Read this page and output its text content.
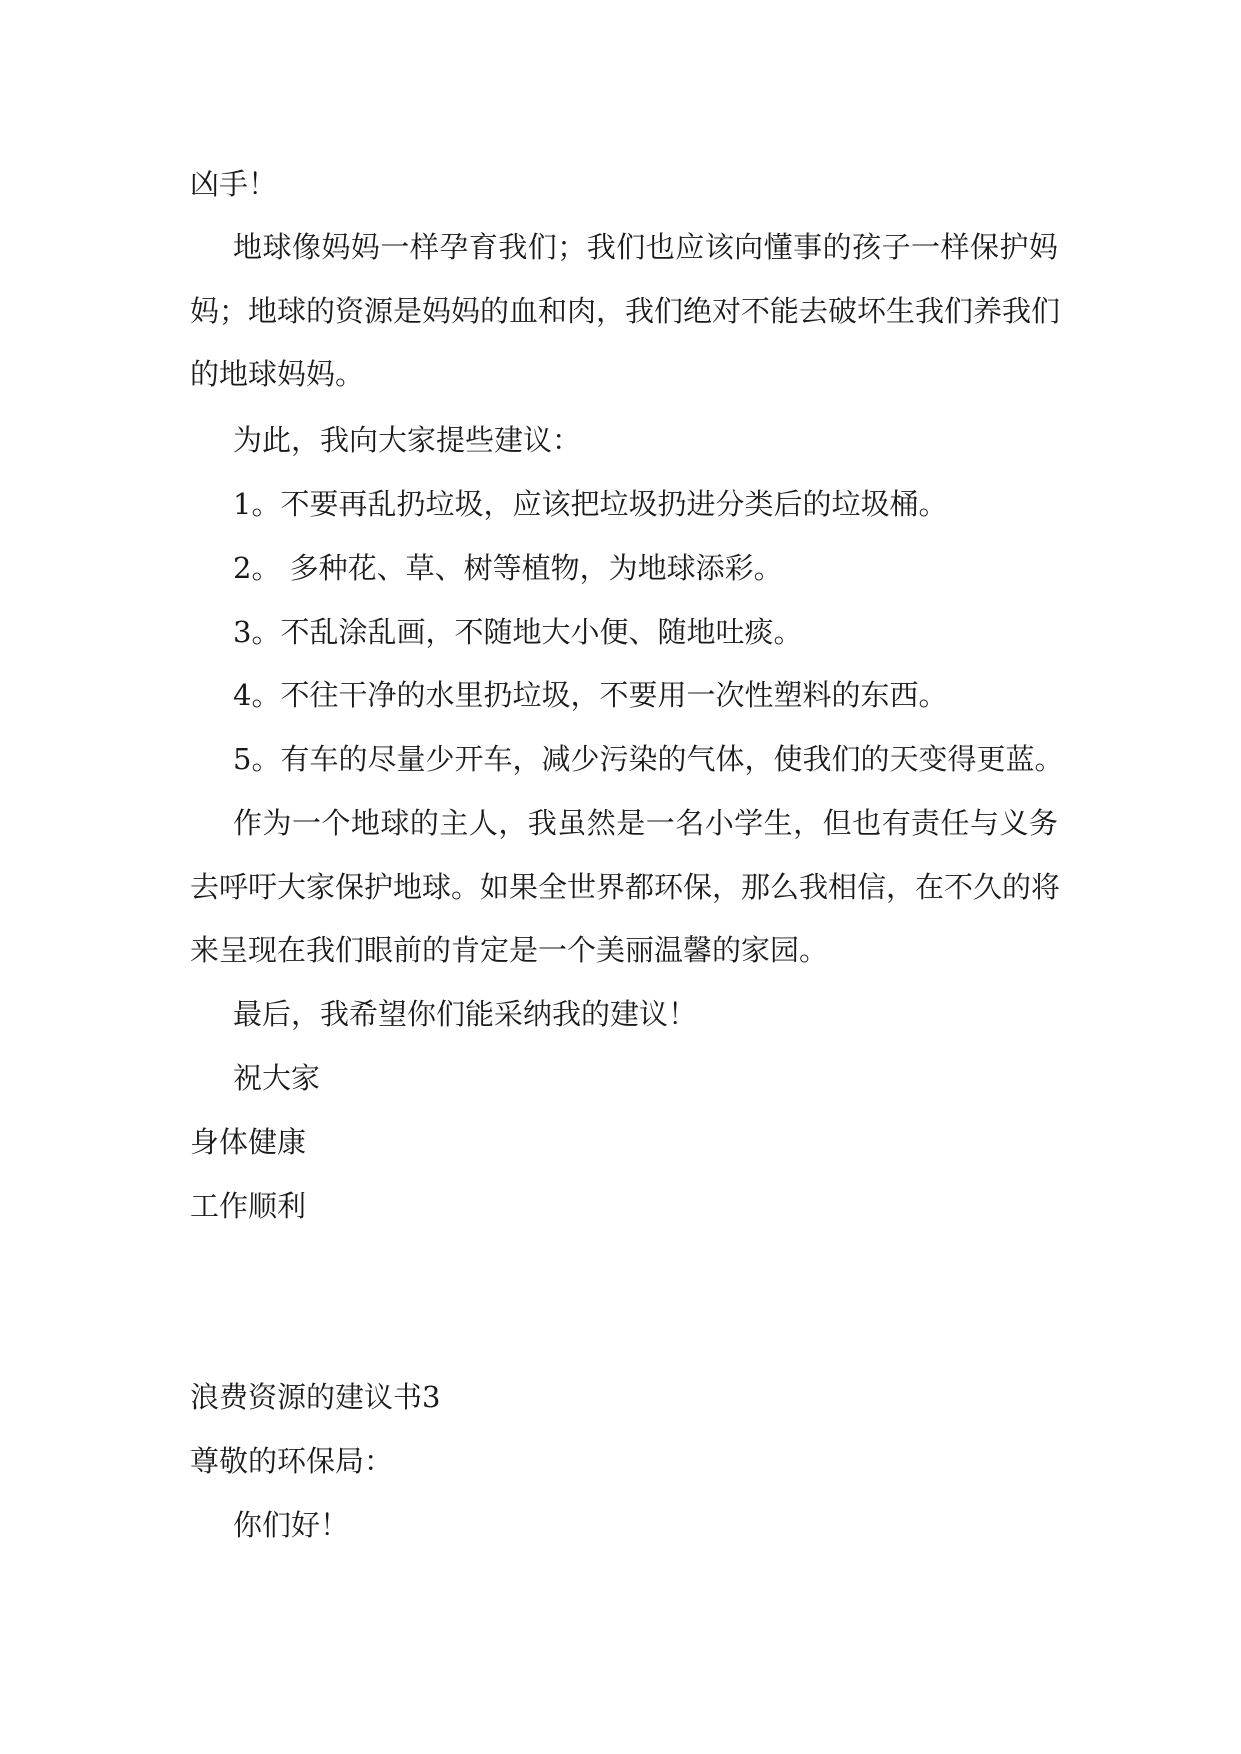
凶手！

地球像妈妈一样孕育我们；我们也应该向懂事的孩子一样保护妈

妈；地球的资源是妈妈的血和肉，我们绝对不能去破坏生我们养我们

的地球妈妈。

为此，我向大家提些建议：

1。不要再乱扔垃圾，应该把垃圾扔进分类后的垃圾桶。

2。 多种花、草、树等植物，为地球添彩。

3。不乱涂乱画，不随地大小便、随地吐痰。

4。不往干净的水里扔垃圾，不要用一次性塑料的东西。

5。有车的尽量少开车，减少污染的气体，使我们的天变得更蓝。

作为一个地球的主人，我虽然是一名小学生，但也有责任与义务

去呼吁大家保护地球。如果全世界都环保，那么我相信，在不久的将

来呈现在我们眼前的肯定是一个美丽温馨的家园。

最后，我希望你们能采纳我的建议！

祝大家

身体健康

工作顺利

浪费资源的建议书3

尊敬的环保局：

你们好！
